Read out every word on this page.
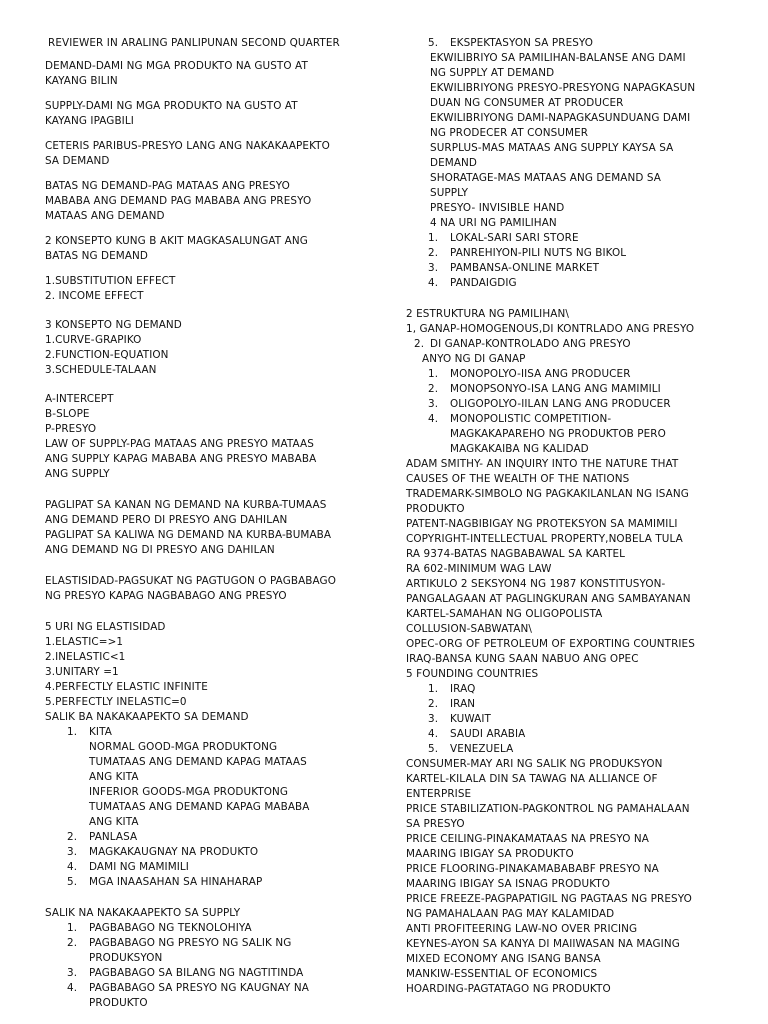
REVIEWER IN ARALING PANLIPUNAN SECOND QUARTER
DEMAND-DAMI NG MGA PRODUKTO NA GUSTO AT
KAYANG BILIN
SUPPLY-DAMI NG MGA PRODUKTO NA GUSTO AT
KAYANG IPAGBILI
CETERIS PARIBUS-PRESYO LANG ANG NAKAKAAPEKTO
SA DEMAND
BATAS NG DEMAND-PAG MATAAS ANG PRESYO
MABABA ANG DEMAND PAG MABABA ANG PRESYO
MATAAS ANG DEMAND
2 KONSEPTO KUNG B AKIT MAGKASALUNGAT ANG
BATAS NG DEMAND
1.SUBSTITUTION EFFECT
2. INCOME EFFECT
3 KONSEPTO NG DEMAND
1.CURVE-GRAPIKO
2.FUNCTION-EQUATION
3.SCHEDULE-TALAAN
A-INTERCEPT
B-SLOPE
P-PRESYO
LAW OF SUPPLY-PAG MATAAS ANG PRESYO MATAAS
ANG SUPPLY KAPAG MABABA ANG PRESYO MABABA
ANG SUPPLY
PAGLIPAT SA KANAN NG DEMAND NA KURBA-TUMAAS
ANG DEMAND PERO DI PRESYO ANG DAHILAN
PAGLIPAT SA KALIWA NG DEMAND NA KURBA-BUMABA
ANG DEMAND NG DI PRESYO ANG DAHILAN
ELASTISIDAD-PAGSUKAT NG PAGTUGON O PAGBABAGO
NG PRESYO KAPAG NAGBABAGO ANG PRESYO
5 URI NG ELASTISIDAD
1.ELASTIC=>1
2.INELASTIC<1
3.UNITARY =1
4.PERFECTLY ELASTIC INFINITE
5.PERFECTLY INELASTIC=0
SALIK BA NAKAKAAPEKTO SA DEMAND
1. KITA
NORMAL GOOD-MGA PRODUKTONG
TUMATAAS ANG DEMAND KAPAG MATAAS
ANG KITA
INFERIOR GOODS-MGA PRODUKTONG
TUMATAAS ANG DEMAND KAPAG MABABA
ANG KITA
2. PANLASA
3. MAGKAKAUGNAY NA PRODUKTO
4. DAMI NG MAMIMILI
5. MGA INAASAHAN SA HINAHARAP
SALIK NA NAKAKAAPEKTO SA SUPPLY
1. PAGBABAGO NG TEKNOLOHIYA
2. PAGBABAGO NG PRESYO NG SALIK NG
PRODUKSYON
3. PAGBABAGO SA BILANG NG NAGTITINDA
4. PAGBABAGO SA PRESYO NG KAUGNAY NA
PRODUKTO
5. EKSPEKTASYON SA PRESYO
EKWILIBRIYO SA PAMILIHAN-BALANSE ANG DAMI
NG SUPPLY AT DEMAND
EKWILIBRIYONG PRESYO-PRESYONG NAPAGKASUN
DUAN NG CONSUMER AT PRODUCER
EKWILIBRIYONG DAMI-NAPAGKASUNDUANG DAMI
NG PRODECER AT CONSUMER
SURPLUS-MAS MATAAS ANG SUPPLY KAYSA SA
DEMAND
SHORATAGE-MAS MATAAS ANG DEMAND SA
SUPPLY
PRESYO- INVISIBLE HAND
4 NA URI NG PAMILIHAN
1. LOKAL-SARI SARI STORE
2. PANREHIYON-PILI NUTS NG BIKOL
3. PAMBANSA-ONLINE MARKET
4. PANDAIGDIG
2 ESTRUKTURA NG PAMILIHAN\
1, GANAP-HOMOGENOUS,DI KONTRLADO ANG PRESYO
2. DI GANAP-KONTROLADO ANG PRESYO
ANYO NG DI GANAP
1. MONOPOLYO-IISA ANG PRODUCER
2. MONOPSONYO-ISA LANG ANG MAMIMILI
3. OLIGOPOLYO-IILAN LANG ANG PRODUCER
4. MONOPOLISTIC COMPETITION-
MAGKAKAPAREHO NG PRODUKTOB PERO
MAGKAKAIBA NG KALIDAD
ADAM SMITHY- AN INQUIRY INTO THE NATURE THAT
CAUSES OF THE WEALTH OF THE NATIONS
TRADEMARK-SIMBOLO NG PAGKAKILANLAN NG ISANG
PRODUKTO
PATENT-NAGBIBIGAY NG PROTEKSYON SA MAMIMILI
COPYRIGHT-INTELLECTUAL PROPERTY,NOBELA TULA
RA 9374-BATAS NAGBABAWAL SA KARTEL
RA 602-MINIMUM WAG LAW
ARTIKULO 2 SEKSYON4 NG 1987 KONSTITUSYON-
PANGALAGAAN AT PAGLINGKURAN ANG SAMBAYANAN
KARTEL-SAMAHAN NG OLIGOPOLISTA
COLLUSION-SABWATAN\
OPEC-ORG OF PETROLEUM OF EXPORTING COUNTRIES
IRAQ-BANSA KUNG SAAN NABUO ANG OPEC
5 FOUNDING COUNTRIES
1. IRAQ
2. IRAN
3. KUWAIT
4. SAUDI ARABIA
5. VENEZUELA
CONSUMER-MAY ARI NG SALIK NG PRODUKSYON
KARTEL-KILALA DIN SA TAWAG NA ALLIANCE OF
ENTERPRISE
PRICE STABILIZATION-PAGKONTROL NG PAMAHALAAN
SA PRESYO
PRICE CEILING-PINAKAMATAAS NA PRESYO NA
MAARING IBIGAY SA PRODUKTO
PRICE FLOORING-PINAKAMABABABF PRESYO NA
MAARING IBIGAY SA ISNAG PRODUKTO
PRICE FREEZE-PAGPAPATIGIL NG PAGTAAS NG PRESYO
NG PAMAHALAAN PAG MAY KALAMIDAD
ANTI PROFITEERING LAW-NO OVER PRICING
KEYNES-AYON SA KANYA DI MAIIWASAN NA MAGING
MIXED ECONOMY ANG ISANG BANSA
MANKIW-ESSENTIAL OF ECONOMICS
HOARDING-PAGTATAGO NG PRODUKTO
